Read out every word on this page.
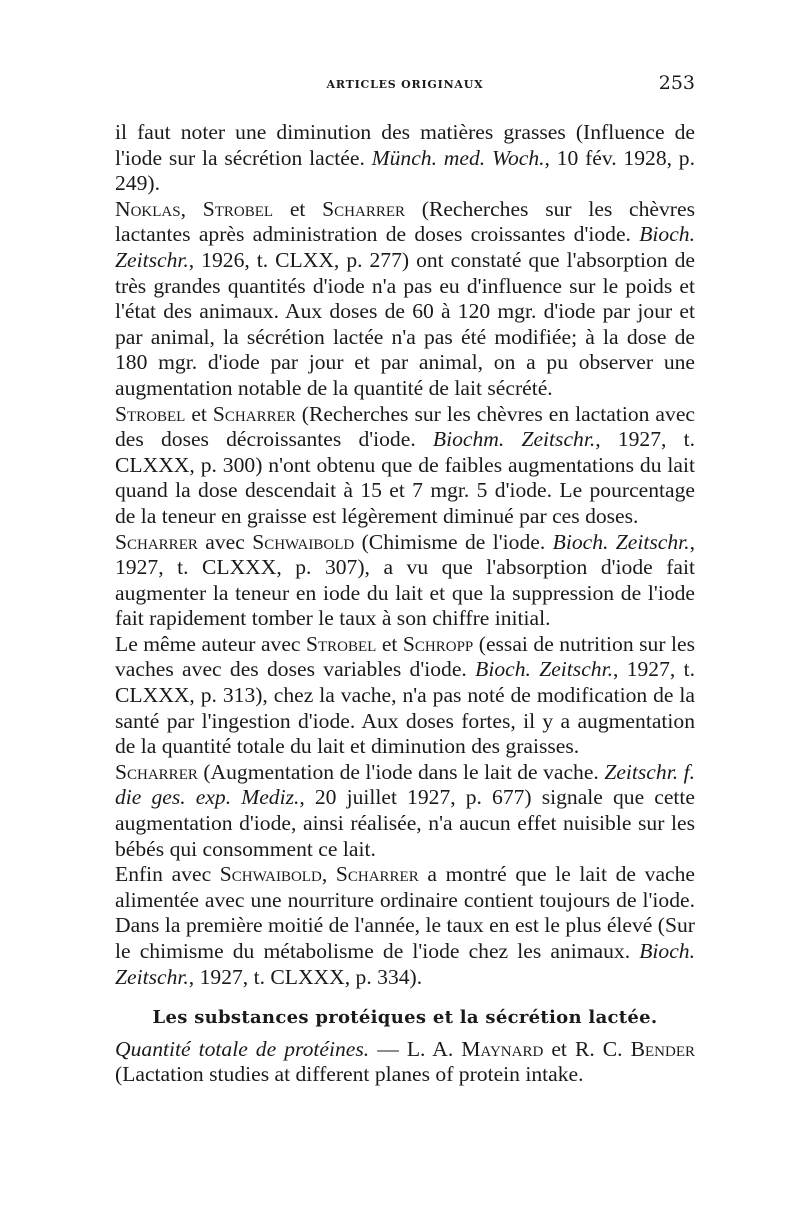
ARTICLES ORIGINAUX	253

il faut noter une diminution des matières grasses (Influence de l'iode sur la sécrétion lactée. Münch. med. Woch., 10 fév. 1928, p. 249).

Noklas, Strobel et Scharrer (Recherches sur les chèvres lactantes après administration de doses croissantes d'iode. Bioch. Zeitschr., 1926, t. CLXX, p. 277) ont constaté que l'absorption de très grandes quantités d'iode n'a pas eu d'influence sur le poids et l'état des animaux. Aux doses de 60 à 120 mgr. d'iode par jour et par animal, la sécrétion lactée n'a pas été modifiée; à la dose de 180 mgr. d'iode par jour et par animal, on a pu observer une augmentation notable de la quantité de lait sécrété.

Strobel et Scharrer (Recherches sur les chèvres en lactation avec des doses décroissantes d'iode. Biochm. Zeitschr., 1927, t. CLXXX, p. 300) n'ont obtenu que de faibles augmentations du lait quand la dose descendait à 15 et 7 mgr. 5 d'iode. Le pourcentage de la teneur en graisse est légèrement diminué par ces doses.

Scharrer avec Schwaibold (Chimisme de l'iode. Bioch. Zeitschr., 1927, t. CLXXX, p. 307), a vu que l'absorption d'iode fait augmenter la teneur en iode du lait et que la suppression de l'iode fait rapidement tomber le taux à son chiffre initial.

Le même auteur avec Strobel et Schropp (essai de nutrition sur les vaches avec des doses variables d'iode. Bioch. Zeitschr., 1927, t. CLXXX, p. 313), chez la vache, n'a pas noté de modification de la santé par l'ingestion d'iode. Aux doses fortes, il y a augmentation de la quantité totale du lait et diminution des graisses.

Scharrer (Augmentation de l'iode dans le lait de vache. Zeitschr. f. die ges. exp. Mediz., 20 juillet 1927, p. 677) signale que cette augmentation d'iode, ainsi réalisée, n'a aucun effet nuisible sur les bébés qui consomment ce lait.

Enfin avec Schwaibold, Scharrer a montré que le lait de vache alimentée avec une nourriture ordinaire contient toujours de l'iode. Dans la première moitié de l'année, le taux en est le plus élevé (Sur le chimisme du métabolisme de l'iode chez les animaux. Bioch. Zeitschr., 1927, t. CLXXX, p. 334).

Les substances protéiques et la sécrétion lactée.

Quantité totale de protéines. — L. A. Maynard et R. C. Bender (Lactation studies at different planes of protein intake.
